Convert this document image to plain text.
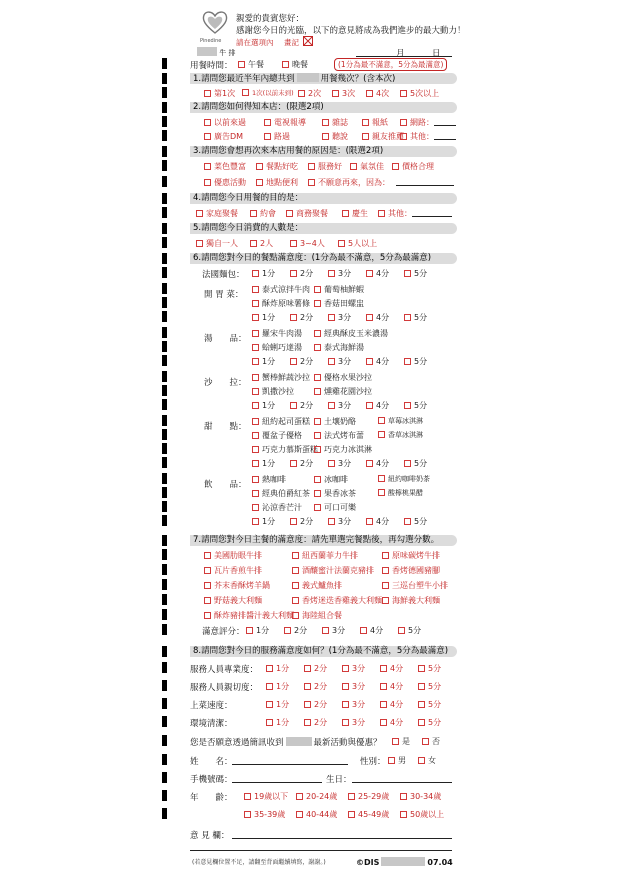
Pinedine
親愛的貴賓您好：
感謝您今日的光臨，以下的意見將成為我們進步的最大動力！
請在選項內 畫記
牛 排	月	日
用餐時間：	午餐	晚餐	(1分為最不滿意，5分為最滿意)
1.請問您最近半年內總共到	用餐幾次？(含本次)
第1次	1次(以前未到)	2次	3次	4次	5次以上
2.請問您如何得知本店：(限選2項)
以前來過	電視報導	雜誌	報紙	網路：
廣告DM	路過	聽說	親友推薦 其他：
3.請問您會想再次來本店用餐的原因是：(限選2項)
菜色豐富	餐點好吃	服務好	氣氛佳	價格合理
優惠活動	地點便利	不願意再來，因為：
4.請問您今日用餐的目的是：
家庭聚餐	約會	商務聚餐	慶生	其他：
5.請問您今日消費的人數是：
獨自一人	2人	3~4人	5人以上
6.請問您對今日的餐點滿意度：(1分為最不滿意，5分為最滿意)
法國麵包：	1分	2分	3分	4分	5分
開 胃 菜：
泰式涼拌牛肉	葡萄柚鮮蝦
酥炸原味薯條	香菇田螺盅
1分	2分	3分	4分	5分
湯　　品：
羅宋牛肉湯	經典酥皮玉米濃湯
蛤蜊巧達湯	泰式海鮮湯
1分	2分	3分	4分	5分
沙　　拉：
蟹棒鮮蔬沙拉	優格水果沙拉
凱撒沙拉	燻雞花園沙拉
1分	2分	3分	4分	5分
甜　　點：
紐約起司蛋糕	土壤奶酪	草莓冰淇淋
覆盆子優格	法式烤布蕾	香草冰淇淋
巧克力慕斯蛋糕 巧克力冰淇淋
1分	2分	3分	4分	5分
飲　　品：
熱咖啡	冰咖啡	紐約咖啡奶茶
經典伯爵紅茶	果香冰茶	酸檸桃果醋
沁涼香芒汁	可口可樂
1分	2分	3分	4分	5分
7.請問您對今日主餐的滿意度：請先單選完餐點後，再勾選分數。
美國肋眼牛排	紐西蘭菲力牛排	原味碳烤牛排
瓦片香煎牛排	酒釀蜜汁法蘭克豬排	香烤德國豬腳
芥末香酥烤羊鍋	義式鱸魚排	三巡台塑牛小排
野菇義大利麵	香烤迷迭香雞義大利麵	海鮮義大利麵
酥炸豬排醬汁義大利麵	海陸組合餐
滿意評分：	1分	2分	3分	4分	5分
8.請問您對今日的服務滿意度如何？(1分為最不滿意，5分為最滿意)
服務人員專業度：	1分	2分	3分	4分	5分
服務人員親切度：	1分	2分	3分	4分	5分
上菜速度：	1分	2分	3分	4分	5分
環境清潔：	1分	2分	3分	4分	5分
您是否願意透過簡訊收到	最新活動與優惠？	是	否
姓　　名：	性別：	男	女
手機號碼：	生日：
年　　齡：	19歲以下	20-24歲	25-29歲	30-34歲
35-39歲	40-44歲	45-49歲	50歲以上
意 見 欄：
(若意見欄位置不足，請翻至背面繼續填寫，謝謝。)	©DIS	07.04
